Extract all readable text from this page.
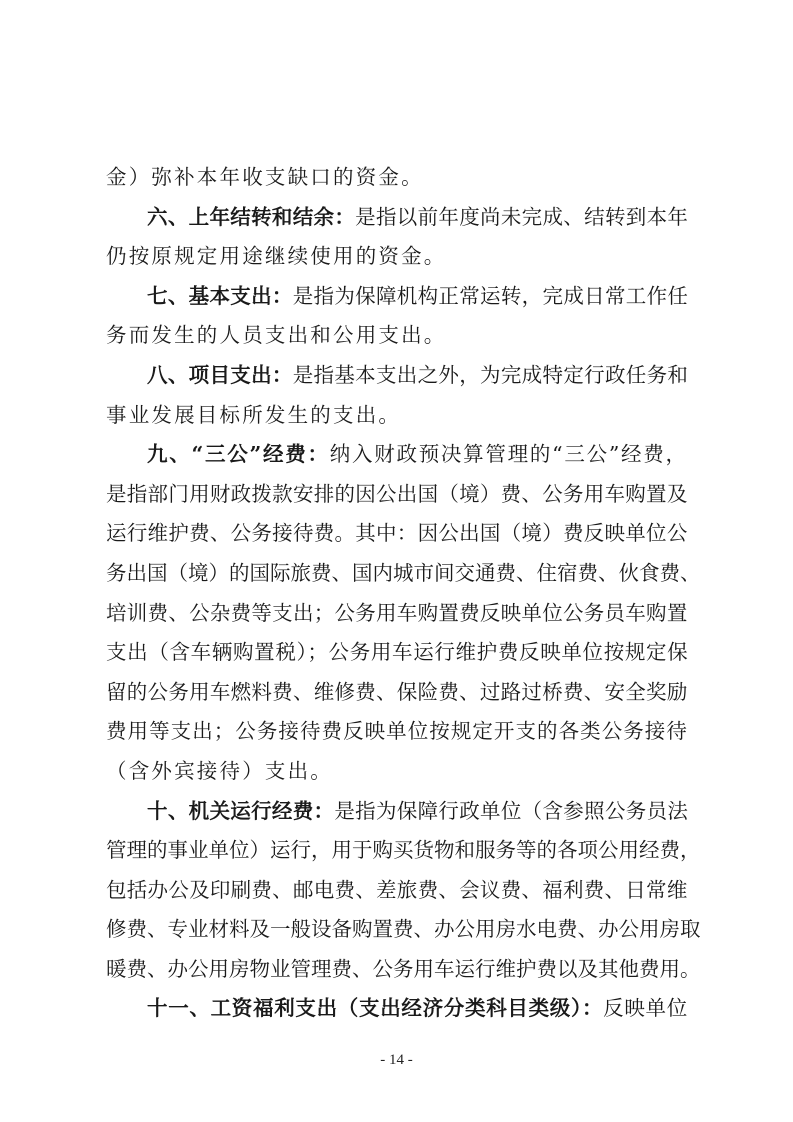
金）弥补本年收支缺口的资金。
六、上年结转和结余：是指以前年度尚未完成、结转到本年
仍按原规定用途继续使用的资金。
七、基本支出：是指为保障机构正常运转，完成日常工作任
务而发生的人员支出和公用支出。
八、项目支出：是指基本支出之外，为完成特定行政任务和
事业发展目标所发生的支出。
九、“三公”经费：纳入财政预决算管理的“三公”经费，
是指部门用财政拨款安排的因公出国（境）费、公务用车购置及
运行维护费、公务接待费。其中：因公出国（境）费反映单位公
务出国（境）的国际旅费、国内城市间交通费、住宿费、伙食费、
培训费、公杂费等支出；公务用车购置费反映单位公务员车购置
支出（含车辆购置税）；公务用车运行维护费反映单位按规定保
留的公务用车燃料费、维修费、保险费、过路过桥费、安全奖励
费用等支出；公务接待费反映单位按规定开支的各类公务接待
（含外宾接待）支出。
十、机关运行经费：是指为保障行政单位（含参照公务员法
管理的事业单位）运行，用于购买货物和服务等的各项公用经费，
包括办公及印刷费、邮电费、差旅费、会议费、福利费、日常维
修费、专业材料及一般设备购置费、办公用房水电费、办公用房取
暖费、办公用房物业管理费、公务用车运行维护费以及其他费用。
十一、工资福利支出（支出经济分类科目类级）：反映单位
- 14 -
